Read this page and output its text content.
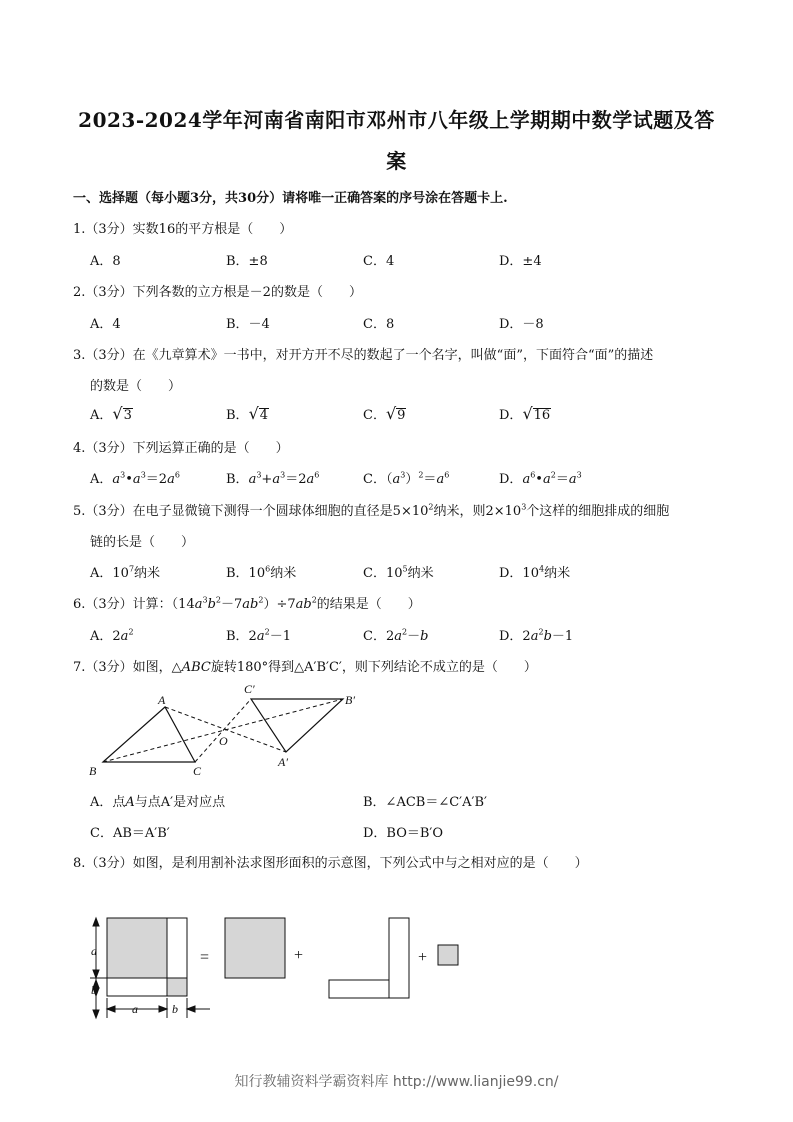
2023-2024学年河南省南阳市邓州市八年级上学期期中数学试题及答
案
一、选择题（每小题3分，共30分）请将唯一正确答案的序号涂在答题卡上.
1.（3分）实数16的平方根是（　　）
A．8	B．±8	C．4	D．±4
2.（3分）下列各数的立方根是－2的数是（　　）
A．4	B．－4	C．8	D．－8
3.（3分）在《九章算术》一书中，对开方开不尽的数起了一个名字，叫做“面”，下面符合“面”的描述
的数是（　　）
A．√3	B．√4	C．√9	D．√16
4.（3分）下列运算正确的是（　　）
A．$a^3•a^3=2a^6$	B．$a^3+a^3=2a^6$	C．$(a^3)^2=a^6$	D．$a^6•a^2=a^3$
5.（3分）在电子显微镜下测得一个圆球体细胞的直径是$5\times 10^2$纳米，则$2\times 10^3$个这样的细胞排成的细胞
链的长是（　　）
A．$10^7$纳米	B．$10^6$纳米	C．$10^5$纳米	D．$10^4$纳米
6.（3分）计算：$(14a^3b^2-7ab^2)\div 7ab^2$的结果是（　　）
A．$2a^2$	B．$2a^2-1$	C．$2a^2-b$	D．$2a^2b-1$
7.（3分）如图，△ABC旋转180°得到△A′B′C′，则下列结论不成立的是（　　）
A
B	C
O
A′
B′
C′
A．点A与点A′是对应点	B．∠ACB＝∠C′A′B′
C．AB＝A′B′	D．BO＝B′O
8.（3分）如图，是利用割补法求图形面积的示意图，下列公式中与之相对应的是（　　）
a
b
a	b
=	+	+
知行教辅资料学霸资料库 http://www.lianjie99.cn/
